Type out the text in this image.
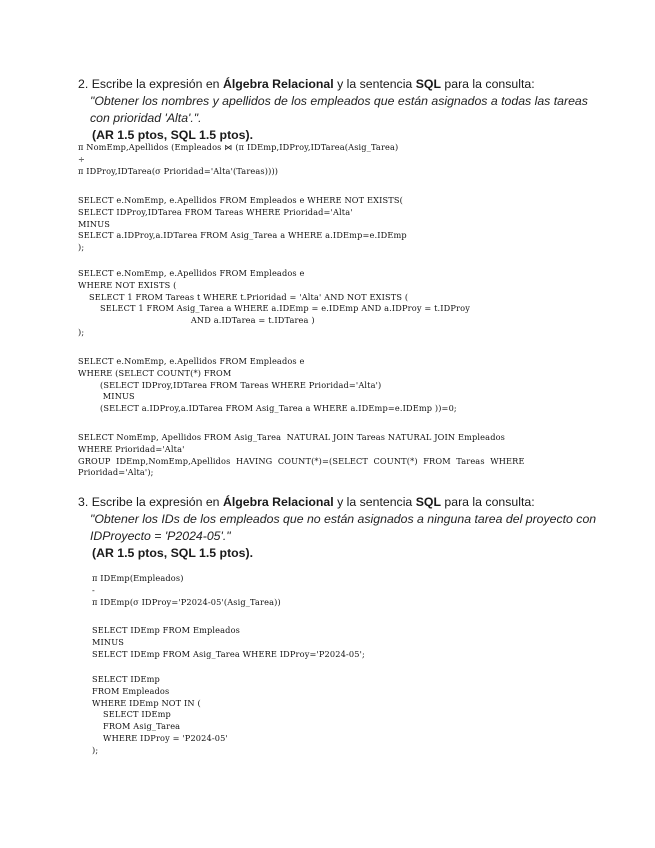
2. Escribe la expresión en Álgebra Relacional y la sentencia SQL para la consulta:
"Obtener los nombres y apellidos de los empleados que están asignados a todas las tareas con prioridad 'Alta'.".
(AR 1.5 ptos, SQL 1.5 ptos).
π NomEmp,Apellidos (Empleados ⋈ (π IDEmp,IDProy,IDTarea(Asig_Tarea)
÷
π IDProy,IDTarea(σ Prioridad='Alta'(Tareas))))
SELECT e.NomEmp, e.Apellidos FROM Empleados e WHERE NOT EXISTS(
SELECT IDProy,IDTarea FROM Tareas WHERE Prioridad='Alta'
MINUS
SELECT a.IDProy,a.IDTarea FROM Asig_Tarea a WHERE a.IDEmp=e.IDEmp
);
SELECT e.NomEmp, e.Apellidos FROM Empleados e
WHERE NOT EXISTS (
SELECT 1 FROM Tareas t WHERE t.Prioridad = 'Alta' AND NOT EXISTS (
SELECT 1 FROM Asig_Tarea a WHERE a.IDEmp = e.IDEmp AND a.IDProy = t.IDProy
AND a.IDTarea = t.IDTarea )
);
SELECT e.NomEmp, e.Apellidos FROM Empleados e
WHERE (SELECT COUNT(*) FROM
(SELECT IDProy,IDTarea FROM Tareas WHERE Prioridad='Alta')
MINUS
(SELECT a.IDProy,a.IDTarea FROM Asig_Tarea a WHERE a.IDEmp=e.IDEmp ))=0;
SELECT NomEmp, Apellidos FROM Asig_Tarea  NATURAL JOIN Tareas NATURAL JOIN Empleados
WHERE Prioridad='Alta'
GROUP  IDEmp,NomEmp,Apellidos  HAVING  COUNT(*)=(SELECT  COUNT(*)  FROM  Tareas  WHERE
Prioridad='Alta');
3. Escribe la expresión en Álgebra Relacional y la sentencia SQL para la consulta:
"Obtener los IDs de los empleados que no están asignados a ninguna tarea del proyecto con IDProyecto = 'P2024-05'."
(AR 1.5 ptos, SQL 1.5 ptos).
π IDEmp(Empleados)
-
π IDEmp(σ IDProy='P2024-05'(Asig_Tarea))
SELECT IDEmp FROM Empleados
MINUS
SELECT IDEmp FROM Asig_Tarea WHERE IDProy='P2024-05';
SELECT IDEmp
FROM Empleados
WHERE IDEmp NOT IN (
SELECT IDEmp
FROM Asig_Tarea
WHERE IDProy = 'P2024-05'
);
